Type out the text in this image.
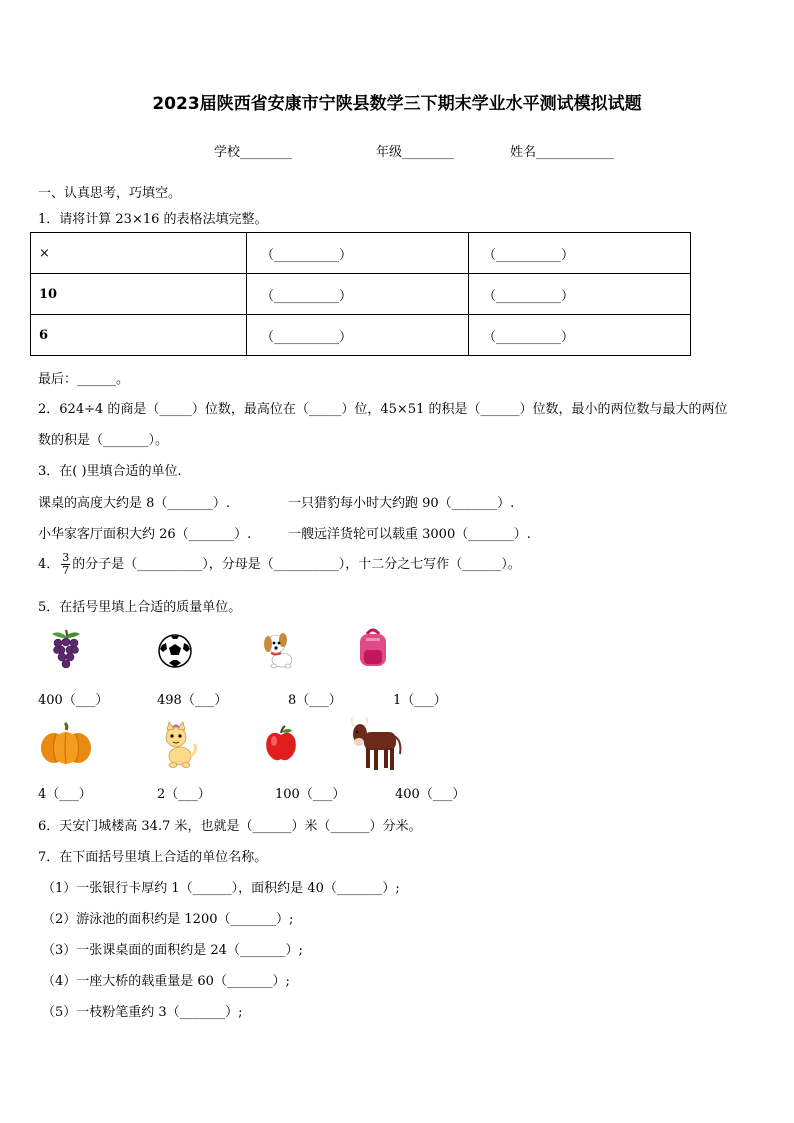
2023届陕西省安康市宁陕县数学三下期末学业水平测试模拟试题
学校________	年级________	姓名____________
一、认真思考，巧填空。
1．请将计算 23×16 的表格法填完整。
×	（__________）	（__________）
10	（__________）	（__________）
6	（__________）	（__________）
最后：______。
2．624÷4 的商是（_____）位数，最高位在（_____）位，45×51 的积是（______）位数，最小的两位数与最大的两位
数的积是（_______）。
3．在( )里填合适的单位.
课桌的高度大约是 8（_______）.	一只猎豹每小时大约跑 90（_______）.
小华家客厅面积大约 26（_______）.	一艘远洋货轮可以载重 3000（_______）.
4． $\frac{3}{7}$ 的分子是（__________），分母是（__________），十二分之七写作（______）。
5．在括号里填上合适的质量单位。
400（___）	498（___）	8（___）	1（___）
4（___）	2（___）	100（___）	400（___）
6．天安门城楼高 34.7 米，也就是（______）米（______）分米。
7．在下面括号里填上合适的单位名称。
（1）一张银行卡厚约 1（______），面积约是 40（_______）;
（2）游泳池的面积约是 1200（_______）;
（3）一张课桌面的面积约是 24（_______）;
（4）一座大桥的载重量是 60（_______）;
（5）一枝粉笔重约 3（_______）;
